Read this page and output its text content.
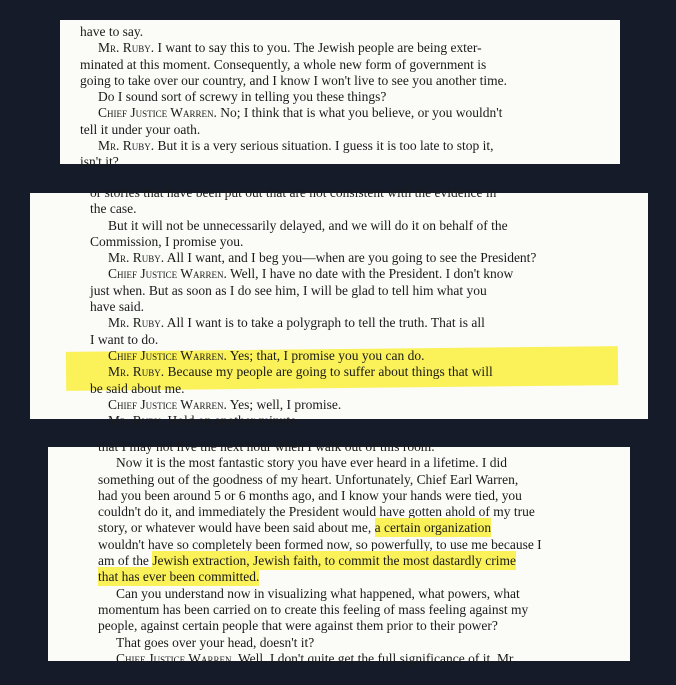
have to say.
Mr. Ruby. I want to say this to you. The Jewish people are being exter-
minated at this moment. Consequently, a whole new form of government is
going to take over our country, and I know I won't live to see you another time.
Do I sound sort of screwy in telling you these things?
Chief Justice Warren. No; I think that is what you believe, or you wouldn't
tell it under your oath.
Mr. Ruby. But it is a very serious situation. I guess it is too late to stop it,
isn't it?
or stories that have been put out that are not consistent with the evidence in
the case.
But it will not be unnecessarily delayed, and we will do it on behalf of the
Commission, I promise you.
Mr. Ruby. All I want, and I beg you—when are you going to see the President?
Chief Justice Warren. Well, I have no date with the President. I don't know
just when. But as soon as I do see him, I will be glad to tell him what you
have said.
Mr. Ruby. All I want is to take a polygraph to tell the truth. That is all
I want to do.
Chief Justice Warren. Yes; that, I promise you you can do.
Mr. Ruby. Because my people are going to suffer about things that will
be said about me.
Chief Justice Warren. Yes; well, I promise.
Mr. Ruby. Hold on another minute.
that I may not live the next hour when I walk out of this room.
Now it is the most fantastic story you have ever heard in a lifetime. I did
something out of the goodness of my heart. Unfortunately, Chief Earl Warren,
had you been around 5 or 6 months ago, and I know your hands were tied, you
couldn't do it, and immediately the President would have gotten ahold of my true
story, or whatever would have been said about me, a certain organization
wouldn't have so completely been formed now, so powerfully, to use me because I
am of the Jewish extraction, Jewish faith, to commit the most dastardly crime
that has ever been committed.
Can you understand now in visualizing what happened, what powers, what
momentum has been carried on to create this feeling of mass feeling against my
people, against certain people that were against them prior to their power?
That goes over your head, doesn't it?
Chief Justice Warren. Well, I don't quite get the full significance of it, Mr.
